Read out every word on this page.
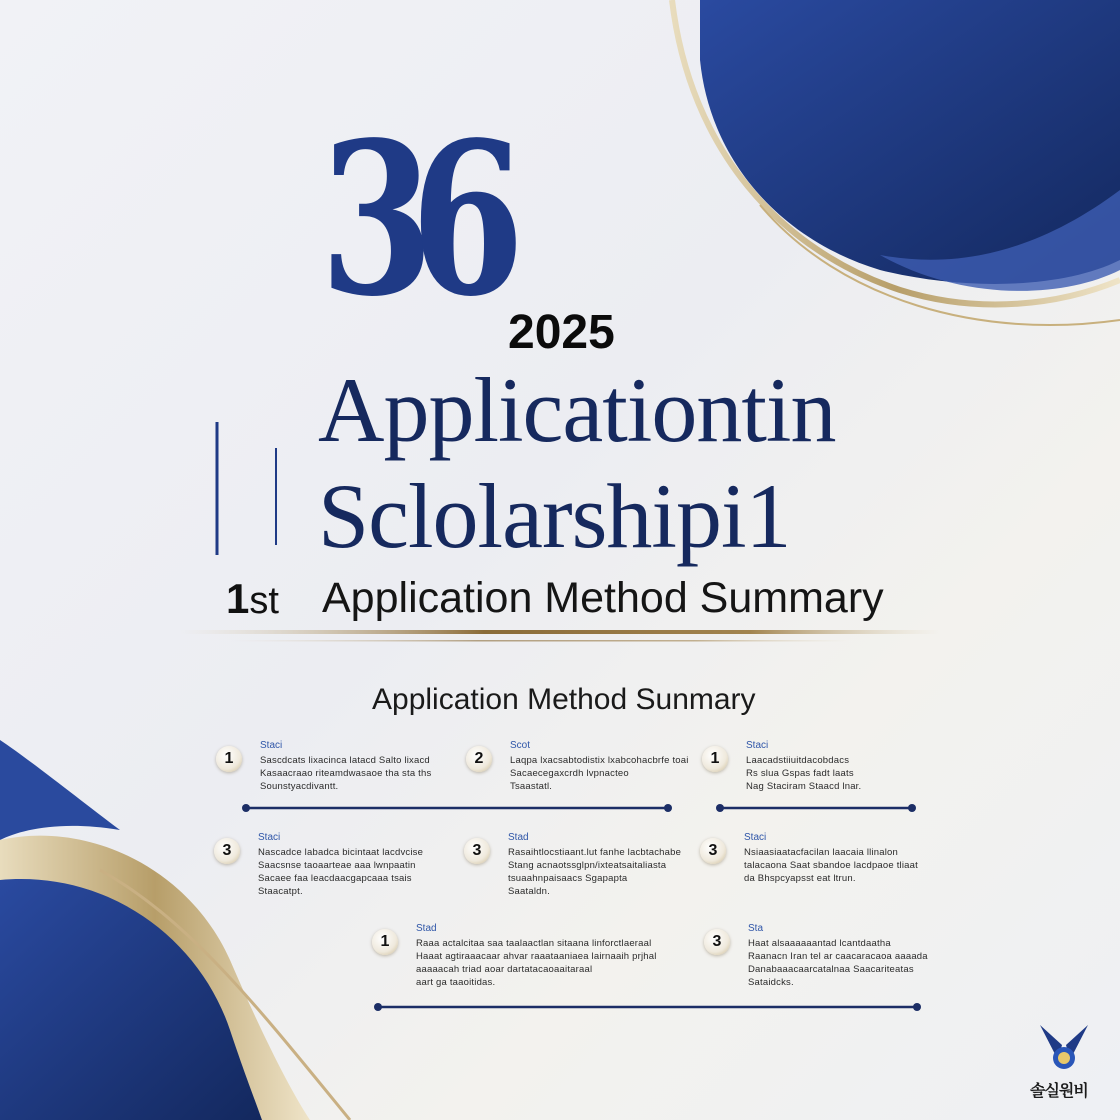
36 2025
Applicationtin
Sclolarshipi1
1st Application Method Summary
Application Method Sunmary
1
Staci
Sascdcats lixacinca latacd Salto lixacd
Kasaacraao riteamdwasaoe tha sta ths
Sounstyacdivantt.
2
Scot
Laqpa lxacsabtodistix lxabcohacbrfe toai
Sacaecegaxcrdh lvpnacteo
Tsaastatl.
1
Staci
Laacadstiiuitdacobdacs
Rs slua Gspas fadt laats
Nag Staciram Staacd lnar.
3
Staci
Nascadce labadca bicintaat lacdvcise
Saacsnse taoaarteae aaa lwnpaatin
Sacaee faa leacdaacgapcaaa tsais
Staacatpt.
3
Stad
Rasaihtlocstiaant.lut fanhe lacbtachabe
Stang acnaotssglpn/ixteatsaitaliasta
tsuaahnpaisaacs Sgapapta
Saataldn.
3
Staci
Nsiaasiaatacfacilan laacaia llinalon
talacaona Saat sbandoe lacdpaoe tliaat
da Bhspcyapsst eat ltrun.
1
Stad
Raaa actalcitaa saa taalaactlan sitaana linforctlaeraal
Haaat agtiraaacaar ahvar raaataaniaea lairnaaih prjhal
aaaaacah triad aoar dartatacaoaaitaraal
aart ga taaoitidas.
3
Sta
Haat alsaaaaaantad lcantdaatha
Raanacn Iran tel ar caacaracaoa aaaada
Danabaaacaarcatalnaa Saacariteatas
Sataidcks.
솔실원비
